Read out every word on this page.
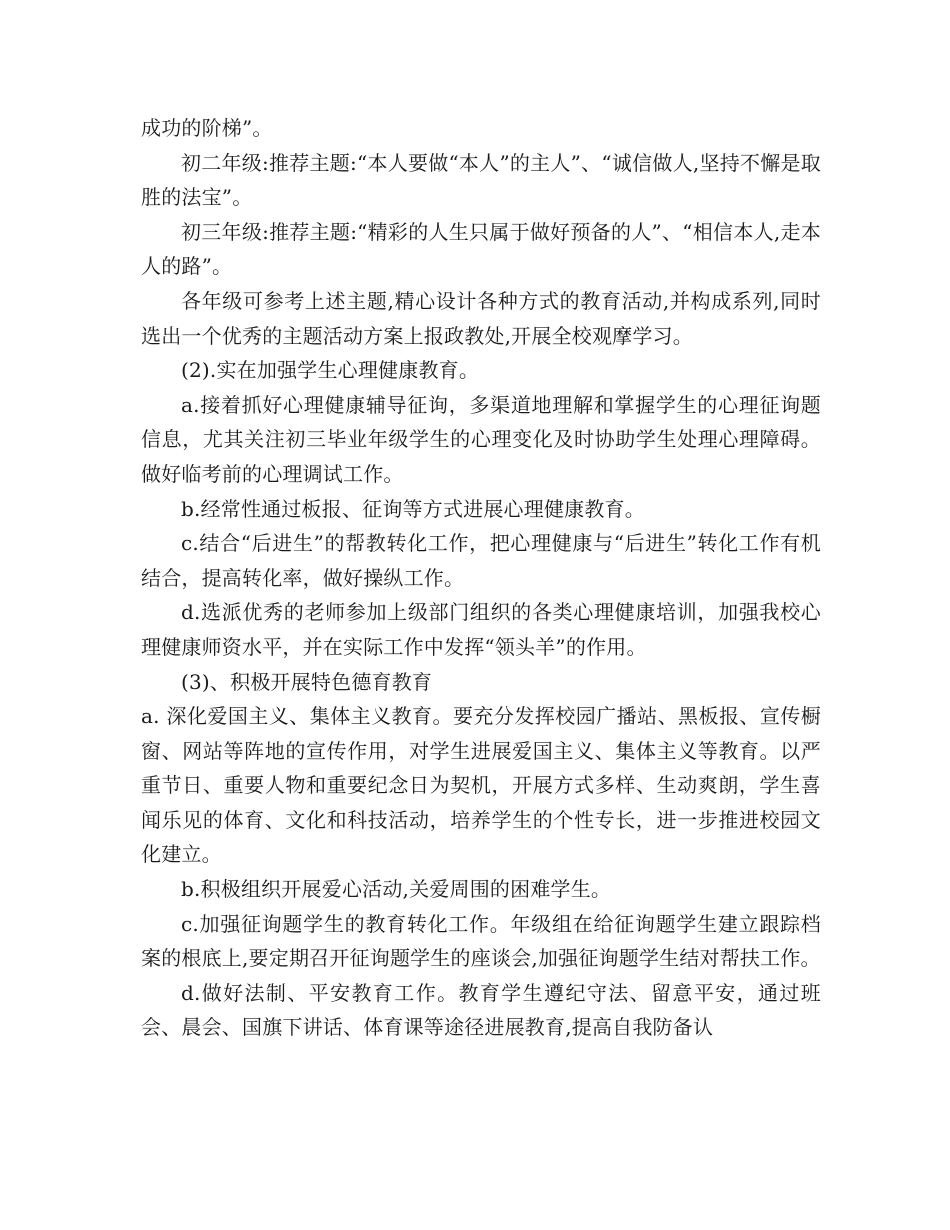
成功的阶梯”。

初二年级:推荐主题:“本人要做“本人”的主人”、“诚信做人,坚持不懈是取胜的法宝”。

初三年级:推荐主题:“精彩的人生只属于做好预备的人”、“相信本人,走本人的路”。

各年级可参考上述主题,精心设计各种方式的教育活动,并构成系列,同时选出一个优秀的主题活动方案上报政教处,开展全校观摩学习。

(2).实在加强学生心理健康教育。

a.接着抓好心理健康辅导征询，多渠道地理解和掌握学生的心理征询题信息，尤其关注初三毕业年级学生的心理变化及时协助学生处理心理障碍。做好临考前的心理调试工作。

b.经常性通过板报、征询等方式进展心理健康教育。

c.结合“后进生”的帮教转化工作，把心理健康与“后进生”转化工作有机结合，提高转化率，做好操纵工作。

d.选派优秀的老师参加上级部门组织的各类心理健康培训，加强我校心理健康师资水平，并在实际工作中发挥“领头羊”的作用。

(3)、积极开展特色德育教育

a. 深化爱国主义、集体主义教育。要充分发挥校园广播站、黑板报、宣传橱窗、网站等阵地的宣传作用，对学生进展爱国主义、集体主义等教育。以严重节日、重要人物和重要纪念日为契机，开展方式多样、生动爽朗，学生喜闻乐见的体育、文化和科技活动，培养学生的个性专长，进一步推进校园文化建立。

b.积极组织开展爱心活动,关爱周围的困难学生。

c.加强征询题学生的教育转化工作。年级组在给征询题学生建立跟踪档案的根底上,要定期召开征询题学生的座谈会,加强征询题学生结对帮扶工作。

d.做好法制、平安教育工作。教育学生遵纪守法、留意平安，通过班会、晨会、国旗下讲话、体育课等途径进展教育,提高自我防备认
